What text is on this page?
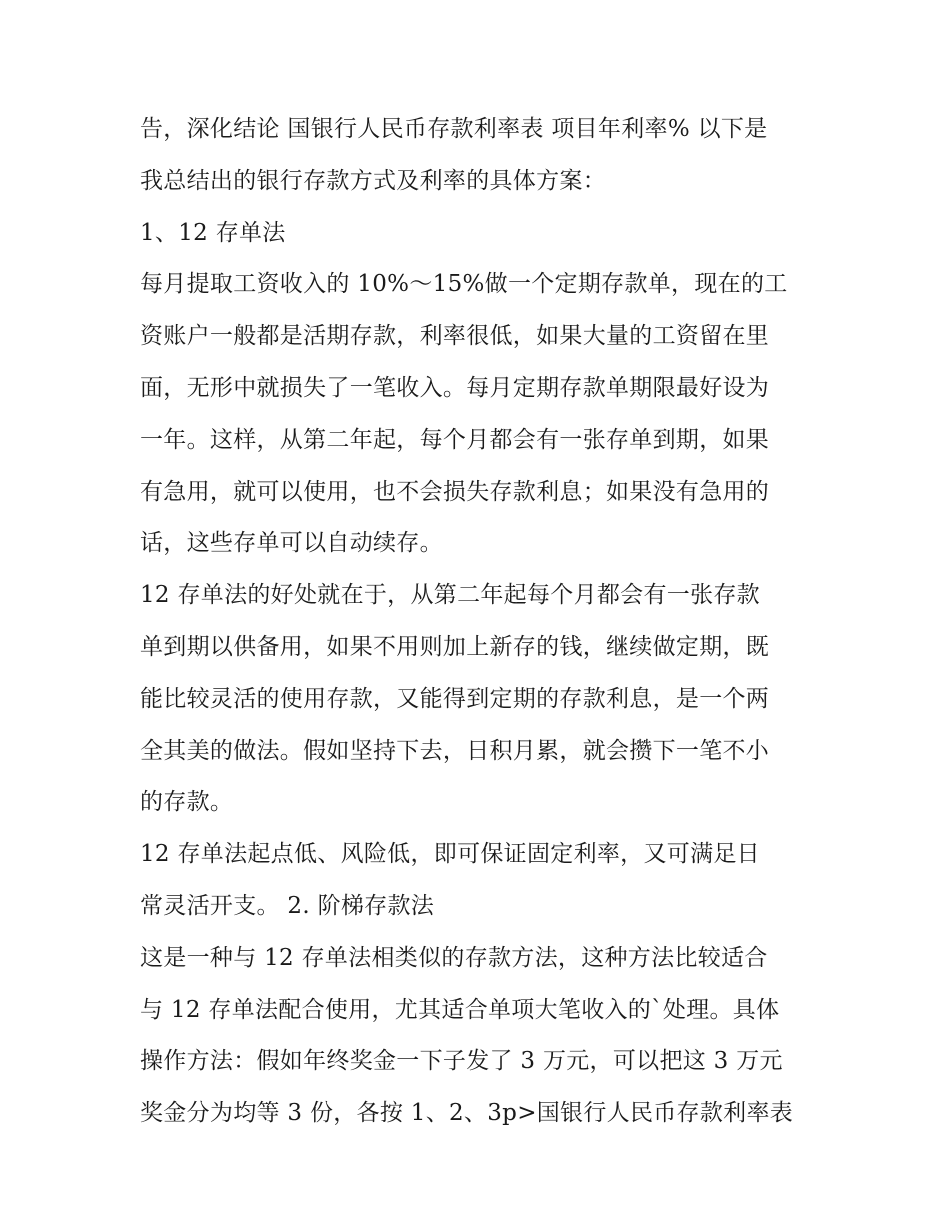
告，深化结论 国银行人民币存款利率表 项目年利率% 以下是
我总结出的银行存款方式及利率的具体方案：
1、12 存单法
每月提取工资收入的 10%～15%做一个定期存款单，现在的工
资账户一般都是活期存款，利率很低，如果大量的工资留在里
面，无形中就损失了一笔收入。每月定期存款单期限最好设为
一年。这样，从第二年起，每个月都会有一张存单到期，如果
有急用，就可以使用，也不会损失存款利息；如果没有急用的
话，这些存单可以自动续存。
12 存单法的好处就在于，从第二年起每个月都会有一张存款
单到期以供备用，如果不用则加上新存的钱，继续做定期，既
能比较灵活的使用存款，又能得到定期的存款利息，是一个两
全其美的做法。假如坚持下去，日积月累，就会攒下一笔不小
的存款。
12 存单法起点低、风险低，即可保证固定利率，又可满足日
常灵活开支。 2. 阶梯存款法
这是一种与 12 存单法相类似的存款方法，这种方法比较适合
与 12 存单法配合使用，尤其适合单项大笔收入的`处理。具体
操作方法：假如年终奖金一下子发了 3 万元，可以把这 3 万元
奖金分为均等 3 份，各按 1、2、3p>国银行人民币存款利率表
